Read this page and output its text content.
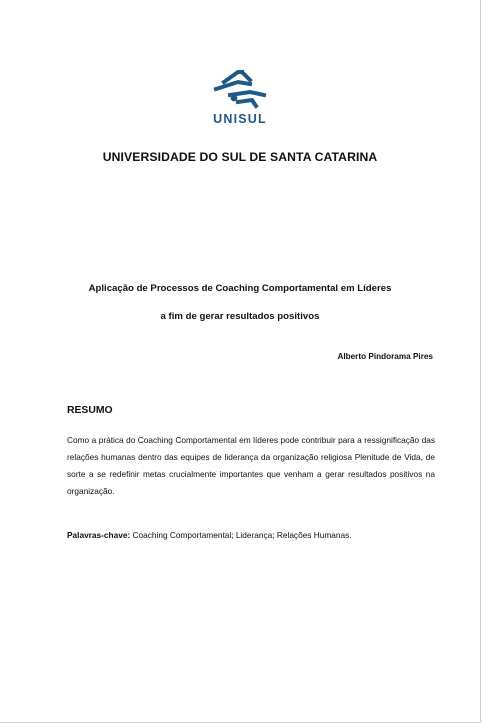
UNISUL
UNIVERSIDADE DO SUL DE SANTA CATARINA
Aplicação de Processos de Coaching Comportamental em Líderes
a fim de gerar resultados positivos
Alberto Pindorama Pires
RESUMO
Como a prática do Coaching Comportamental em líderes pode contribuir para a ressignificação das relações humanas dentro das equipes de liderança da organização religiosa Plenitude de Vida, de sorte a se redefinir metas crucialmente importantes que venham a gerar resultados positivos na organização.
Palavras-chave: Coaching Comportamental; Liderança; Relações Humanas.
